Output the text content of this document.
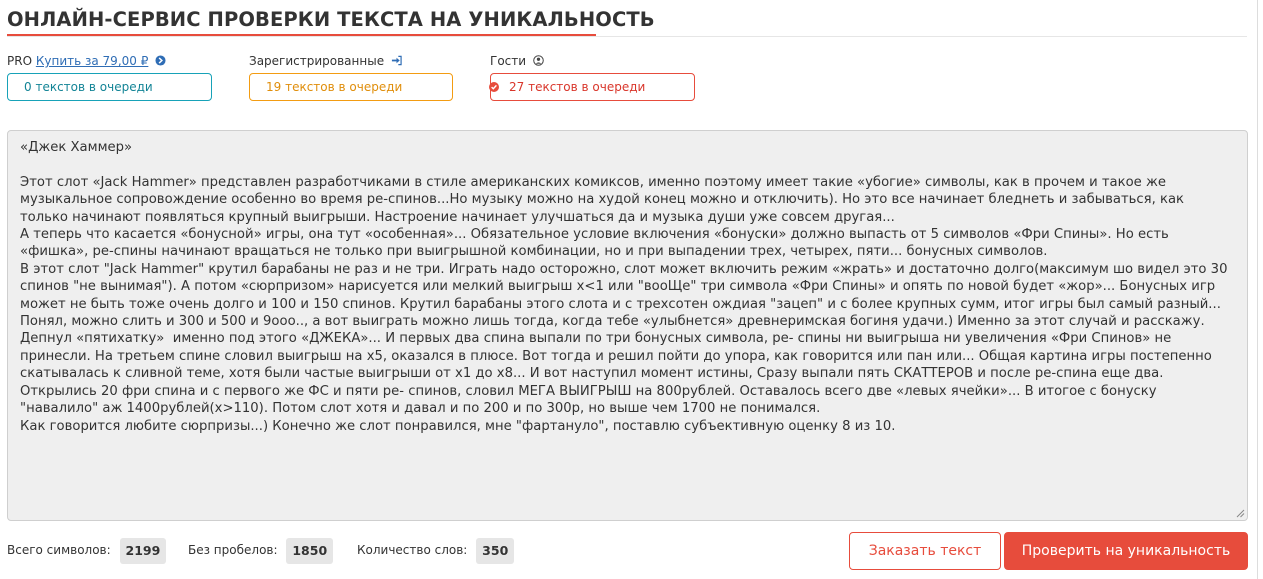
ОНЛАЙН-СЕРВИС ПРОВЕРКИ ТЕКСТА НА УНИКАЛЬНОСТЬ
PRO Купить за 79,00 ₽
0 текстов в очереди
Зарегистрированные
19 текстов в очереди
Гости
27 текстов в очереди

«Джек Хаммер»

Этот слот «Jack Hammer» представлен разработчиками в стиле американских комиксов, именно поэтому имеет такие «убогие» символы, как в прочем и такое же музыкальное сопровождение особенно во время ре-спинов...Но музыку можно на худой конец можно и отключить). Но это все начинает бледнеть и забываться, как только начинают появляться крупный выигрыши. Настроение начинает улучшаться да и музыка души уже совсем другая...

А теперь что касается «бонусной» игры, она тут «особенная»... Обязательное условие включения «бонуски» должно выпасть от 5 символов «Фри Спины». Но есть «фишка», ре-спины начинают вращаться не только при выигрышной комбинации, но и при выпадении трех, четырех, пяти... бонусных символов.

В этот слот "Jack Hammer" крутил барабаны не раз и не три. Играть надо осторожно, слот может включить режим «жрать» и достаточно долго(максимум шо видел это 30 спинов "не вынимая"). А потом «сюрпризом» нарисуется или мелкий выигрыш х<1 или "вооЩе" три символа «Фри Спины» и опять по новой будет «жор»... Бонусных игр может не быть тоже очень долго и 100 и 150 спинов. Крутил барабаны этого слота и с трехсотен ождиая "зацеп" и с более крупных сумм, итог игры был самый разный...

Понял, можно слить и 300 и 500 и 9ооо.., а вот выиграть можно лишь тогда, когда тебе «улыбнется» древнеримская богиня удачи.) Именно за этот случай и расскажу.

Депнул «пятихатку»  именно под этого «ДЖЕКА»... И первых два спина выпали по три бонусных символа, ре- спины ни выигрыша ни увеличения «Фри Спинов» не принесли. На третьем спине словил выигрыш на х5, оказался в плюсе. Вот тогда и решил пойти до упора, как говорится или пан или... Общая картина игры постепенно скатывалась к сливной теме, хотя были частые выигрыши от х1 до х8... И вот наступил момент истины, Сразу выпали пять СКАТТЕРОВ и после ре-спина еще два. Открылись 20 фри спина и с первого же ФС и пяти ре- спинов, словил МЕГА ВЫИГРЫШ на 800рублей. Оставалось всего две «левых ячейки»... В итогое с бонуску "навалило" аж 1400рублей(х>110). Потом слот хотя и давал и по 200 и по 300р, но выше чем 1700 не понимался.

Как говорится любите сюрпризы...) Конечно же слот понравился, мне "фартануло", поставлю субъективную оценку 8 из 10.

Всего символов: 2199	Без пробелов: 1850	Количество слов: 350	Заказать текст	Проверить на уникальность
